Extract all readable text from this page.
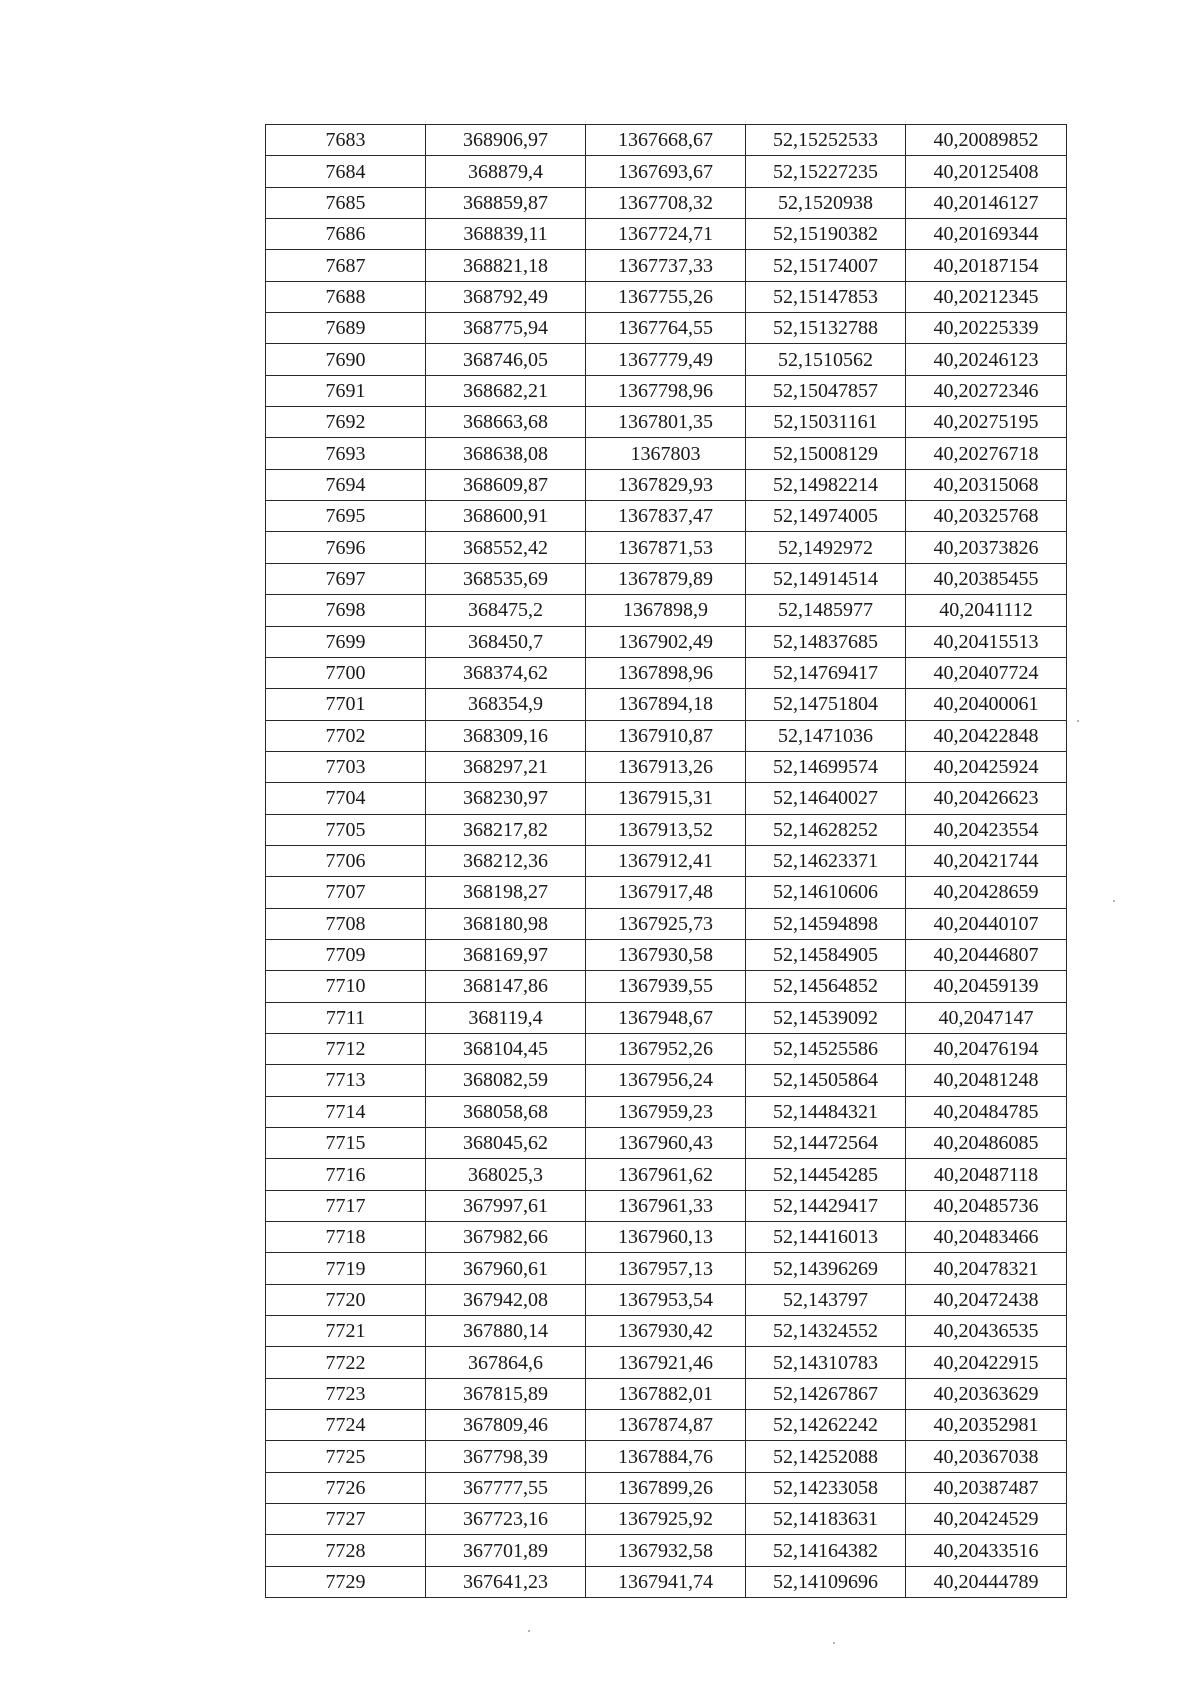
7683	368906,97	1367668,67	52,15252533	40,20089852
7684	368879,4	1367693,67	52,15227235	40,20125408
7685	368859,87	1367708,32	52,1520938	40,20146127
7686	368839,11	1367724,71	52,15190382	40,20169344
7687	368821,18	1367737,33	52,15174007	40,20187154
7688	368792,49	1367755,26	52,15147853	40,20212345
7689	368775,94	1367764,55	52,15132788	40,20225339
7690	368746,05	1367779,49	52,1510562	40,20246123
7691	368682,21	1367798,96	52,15047857	40,20272346
7692	368663,68	1367801,35	52,15031161	40,20275195
7693	368638,08	1367803	52,15008129	40,20276718
7694	368609,87	1367829,93	52,14982214	40,20315068
7695	368600,91	1367837,47	52,14974005	40,20325768
7696	368552,42	1367871,53	52,1492972	40,20373826
7697	368535,69	1367879,89	52,14914514	40,20385455
7698	368475,2	1367898,9	52,1485977	40,2041112
7699	368450,7	1367902,49	52,14837685	40,20415513
7700	368374,62	1367898,96	52,14769417	40,20407724
7701	368354,9	1367894,18	52,14751804	40,20400061
7702	368309,16	1367910,87	52,1471036	40,20422848
7703	368297,21	1367913,26	52,14699574	40,20425924
7704	368230,97	1367915,31	52,14640027	40,20426623
7705	368217,82	1367913,52	52,14628252	40,20423554
7706	368212,36	1367912,41	52,14623371	40,20421744
7707	368198,27	1367917,48	52,14610606	40,20428659
7708	368180,98	1367925,73	52,14594898	40,20440107
7709	368169,97	1367930,58	52,14584905	40,20446807
7710	368147,86	1367939,55	52,14564852	40,20459139
7711	368119,4	1367948,67	52,14539092	40,2047147
7712	368104,45	1367952,26	52,14525586	40,20476194
7713	368082,59	1367956,24	52,14505864	40,20481248
7714	368058,68	1367959,23	52,14484321	40,20484785
7715	368045,62	1367960,43	52,14472564	40,20486085
7716	368025,3	1367961,62	52,14454285	40,20487118
7717	367997,61	1367961,33	52,14429417	40,20485736
7718	367982,66	1367960,13	52,14416013	40,20483466
7719	367960,61	1367957,13	52,14396269	40,20478321
7720	367942,08	1367953,54	52,143797	40,20472438
7721	367880,14	1367930,42	52,14324552	40,20436535
7722	367864,6	1367921,46	52,14310783	40,20422915
7723	367815,89	1367882,01	52,14267867	40,20363629
7724	367809,46	1367874,87	52,14262242	40,20352981
7725	367798,39	1367884,76	52,14252088	40,20367038
7726	367777,55	1367899,26	52,14233058	40,20387487
7727	367723,16	1367925,92	52,14183631	40,20424529
7728	367701,89	1367932,58	52,14164382	40,20433516
7729	367641,23	1367941,74	52,14109696	40,20444789
